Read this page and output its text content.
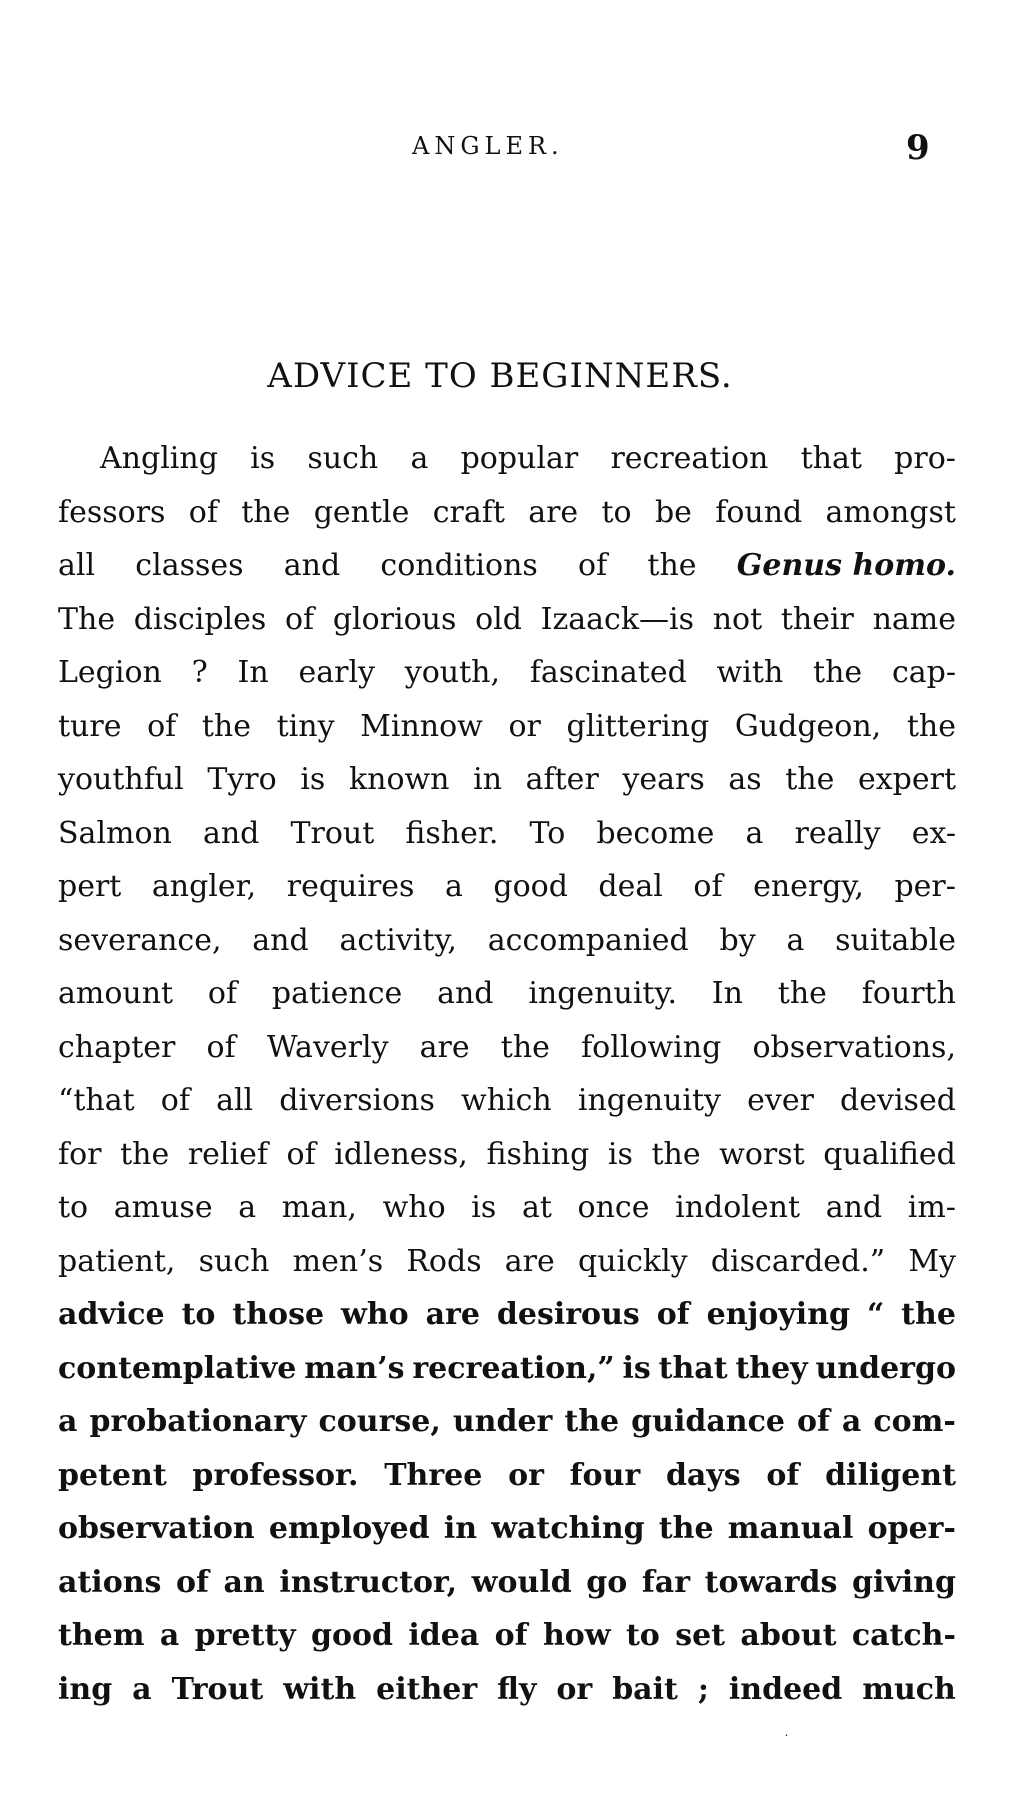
ANGLER.	9
ADVICE TO BEGINNERS.
Angling is such a popular recreation that pro-
fessors of the gentle craft are to be found amongst
all classes and conditions of the Genus homo.
The disciples of glorious old Izaack—is not their name
Legion ? In early youth, fascinated with the cap-
ture of the tiny Minnow or glittering Gudgeon, the
youthful Tyro is known in after years as the expert
Salmon and Trout fisher. To become a really ex-
pert angler, requires a good deal of energy, per-
severance, and activity, accompanied by a suitable
amount of patience and ingenuity. In the fourth
chapter of Waverly are the following observations,
“that of all diversions which ingenuity ever devised
for the relief of idleness, fishing is the worst qualified
to amuse a man, who is at once indolent and im-
patient, such men’s Rods are quickly discarded.” My
advice to those who are desirous of enjoying “ the
contemplative man’s recreation,” is that they undergo
a probationary course, under the guidance of a com-
petent professor. Three or four days of diligent
observation employed in watching the manual oper-
ations of an instructor, would go far towards giving
them a pretty good idea of how to set about catch-
ing a Trout with either fly or bait ; indeed much
˙
